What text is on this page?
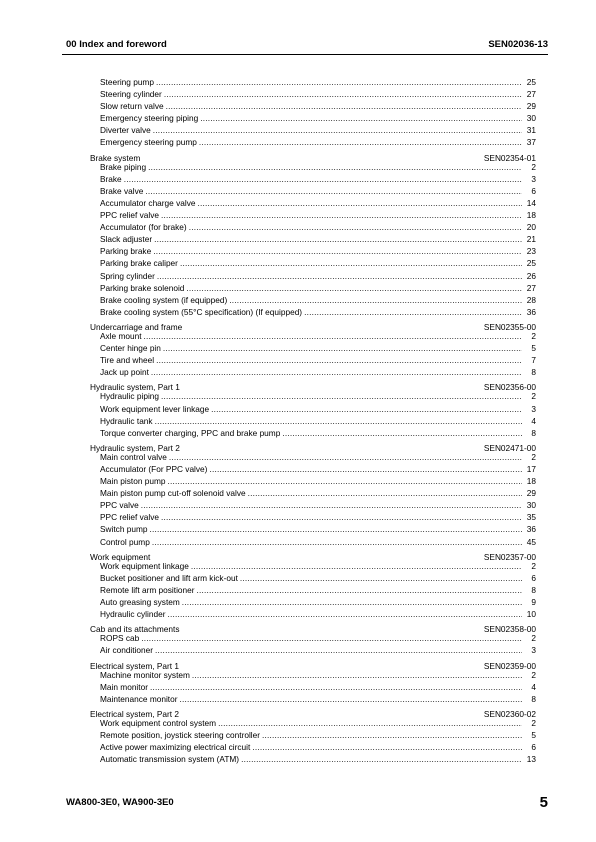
00 Index and foreword	SEN02036-13
Steering pump .....	25
Steering cylinder .....	27
Slow return valve .....	29
Emergency steering piping .....	30
Diverter valve .....	31
Emergency steering pump .....	37
Brake system	SEN02354-01
Brake piping .....	2
Brake .....	3
Brake valve .....	6
Accumulator charge valve .....	14
PPC relief valve .....	18
Accumulator (for brake) .....	20
Slack adjuster .....	21
Parking brake .....	23
Parking brake caliper .....	25
Spring cylinder .....	26
Parking brake solenoid .....	27
Brake cooling system (if equipped) .....	28
Brake cooling system (55°C specification) (If equipped) .....	36
Undercarriage and frame	SEN02355-00
Axle mount .....	2
Center hinge pin .....	5
Tire and wheel .....	7
Jack up point .....	8
Hydraulic system, Part 1	SEN02356-00
Hydraulic piping .....	2
Work equipment lever linkage .....	3
Hydraulic tank .....	4
Torque converter charging, PPC and brake pump .....	8
Hydraulic system, Part 2	SEN02471-00
Main control valve .....	2
Accumulator (For PPC valve) .....	17
Main piston pump .....	18
Main piston pump cut-off solenoid valve .....	29
PPC valve .....	30
PPC relief valve .....	35
Switch pump .....	36
Control pump .....	45
Work equipment	SEN02357-00
Work equipment linkage .....	2
Bucket positioner and lift arm kick-out .....	6
Remote lift arm positioner .....	8
Auto greasing system .....	9
Hydraulic cylinder .....	10
Cab and its attachments	SEN02358-00
ROPS cab .....	2
Air conditioner .....	3
Electrical system, Part 1	SEN02359-00
Machine monitor system .....	2
Main monitor .....	4
Maintenance monitor .....	8
Electrical system, Part 2	SEN02360-02
Work equipment control system .....	2
Remote position, joystick steering controller .....	5
Active power maximizing electrical circuit .....	6
Automatic transmission system (ATM) .....	13
WA800-3E0, WA900-3E0	5
